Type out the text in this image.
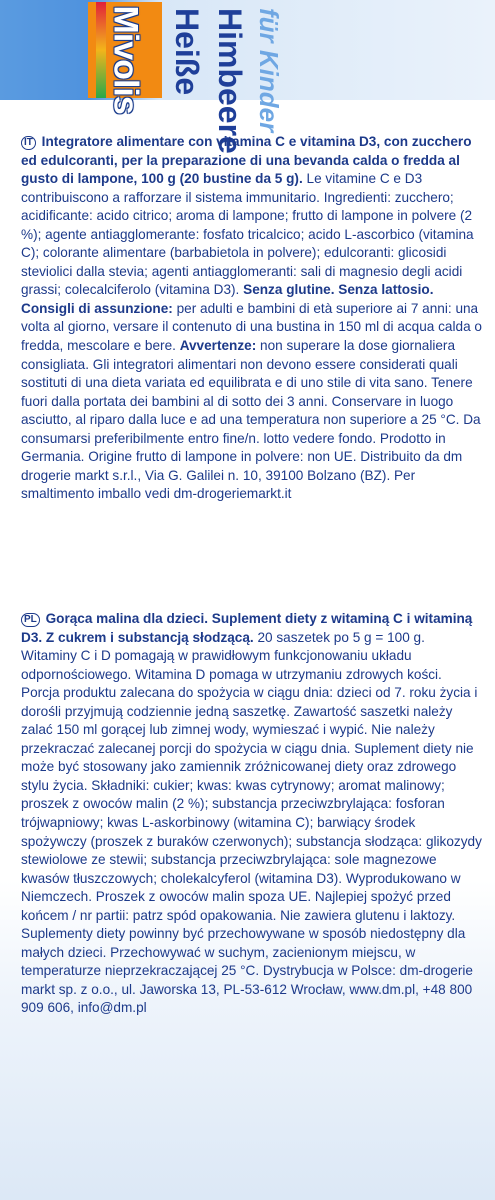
Mivolis Heiße Himbeere für Kinder
IT Integratore alimentare con vitamina C e vitamina D3, con zucchero ed edulcoranti, per la preparazione di una bevanda calda o fredda al gusto di lampone, 100 g (20 bustine da 5 g). Le vitamine C e D3 contribuiscono a rafforzare il sistema immunitario. Ingredienti: zucchero; acidificante: acido citrico; aroma di lampone; frutto di lampone in polvere (2 %); agente antiagglomerante: fosfato tricalcico; acido L-ascorbico (vitamina C); colorante alimentare (barbabietola in polvere); edulcoranti: glicosidi steviolici dalla stevia; agenti antiagglomeranti: sali di magnesio degli acidi grassi; colecalciferolo (vitamina D3). Senza glutine. Senza lattosio. Consigli di assunzione: per adulti e bambini di età superiore ai 7 anni: una volta al giorno, versare il contenuto di una bustina in 150 ml di acqua calda o fredda, mescolare e bere. Avvertenze: non superare la dose giornaliera consigliata. Gli integratori alimentari non devono essere considerati quali sostituti di una dieta variata ed equilibrata e di uno stile di vita sano. Tenere fuori dalla portata dei bambini al di sotto dei 3 anni. Conservare in luogo asciutto, al riparo dalla luce e ad una temperatura non superiore a 25 °C. Da consumarsi preferibilmente entro fine/n. lotto vedere fondo. Prodotto in Germania. Origine frutto di lampone in polvere: non UE. Distribuito da dm drogerie markt s.r.l., Via G. Galilei n. 10, 39100 Bolzano (BZ). Per smaltimento imballo vedi dm-drogeriemarkt.it
PL Gorąca malina dla dzieci. Suplement diety z witaminą C i witaminą D3. Z cukrem i substancją słodzącą. 20 saszetek po 5 g = 100 g. Witaminy C i D pomagają w prawidłowym funkcjonowaniu układu odpornościowego. Witamina D pomaga w utrzymaniu zdrowych kości. Porcja produktu zalecana do spożycia w ciągu dnia: dzieci od 7. roku życia i dorośli przyjmują codziennie jedną saszetkę. Zawartość saszetki należy zalać 150 ml gorącej lub zimnej wody, wymieszać i wypić. Nie należy przekraczać zalecanej porcji do spożycia w ciągu dnia. Suplement diety nie może być stosowany jako zamiennik zróżnicowanej diety oraz zdrowego stylu życia. Składniki: cukier; kwas: kwas cytrynowy; aromat malinowy; proszek z owoców malin (2 %); substancja przeciwzbrylająca: fosforan trójwapniowy; kwas L-askorbinowy (witamina C); barwiący środek spożywczy (proszek z buraków czerwonych); substancja słodząca: glikozydy stewiolowe ze stewii; substancja przeciwzbrylająca: sole magnezowe kwasów tłuszczowych; cholekalcyferol (witamina D3). Wyprodukowano w Niemczech. Proszek z owoców malin spoza UE. Najlepiej spożyć przed końcem / nr partii: patrz spód opakowania. Nie zawiera glutenu i laktozy. Suplementy diety powinny być przechowywane w sposób niedostępny dla małych dzieci. Przechowywać w suchym, zacienionym miejscu, w temperaturze nieprzekraczającej 25 °C. Dystrybucja w Polsce: dm-drogerie markt sp. z o.o., ul. Jaworska 13, PL-53-612 Wrocław, www.dm.pl, +48 800 909 606, info@dm.pl
